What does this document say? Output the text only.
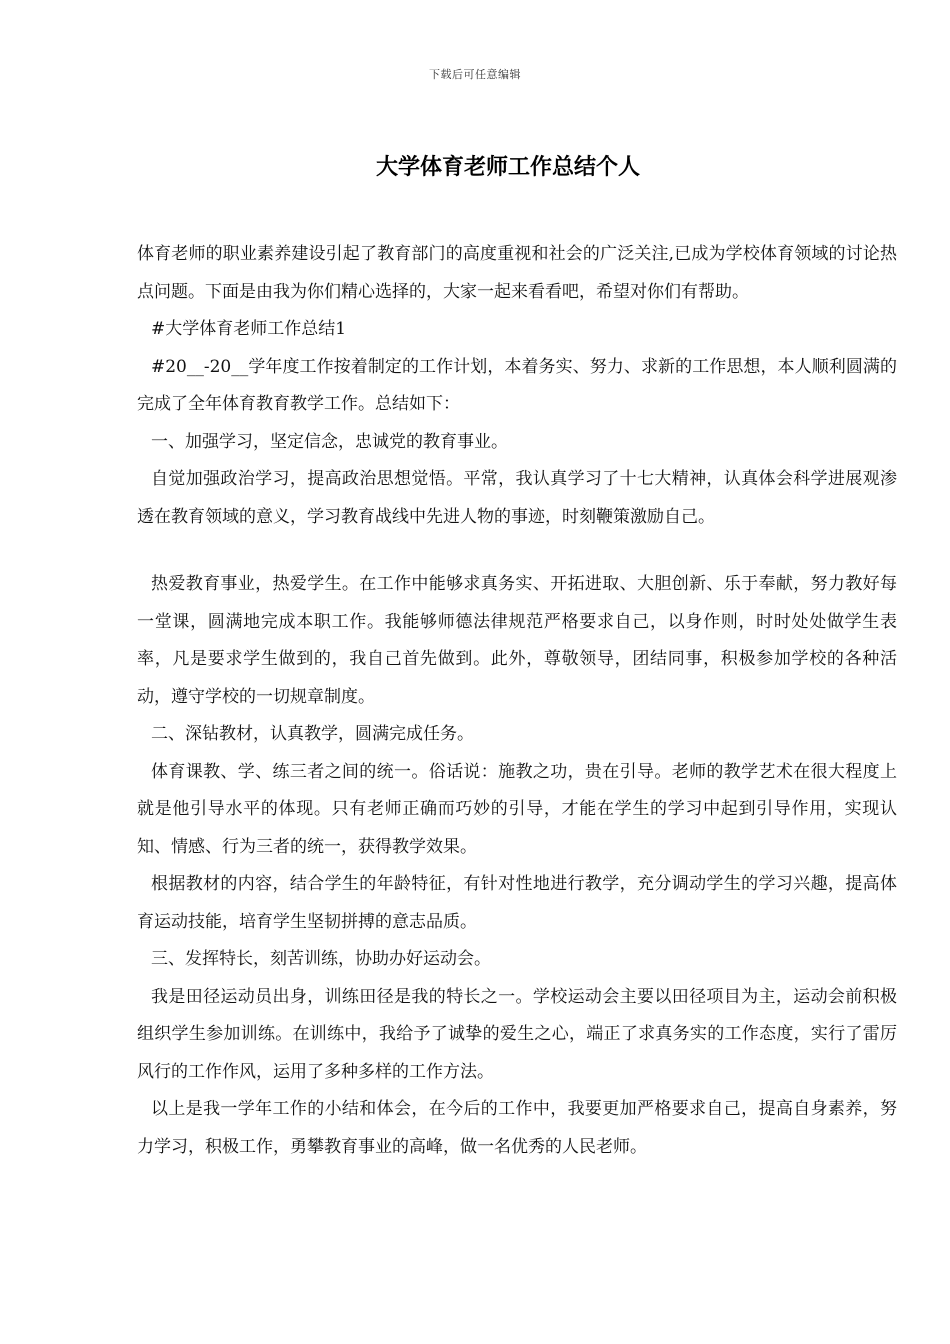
下载后可任意编辑
大学体育老师工作总结个人

体育老师的职业素养建设引起了教育部门的高度重视和社会的广泛关注,已成为学校体育领域的讨论热点问题。下面是由我为你们精心选择的，大家一起来看看吧，希望对你们有帮助。

#大学体育老师工作总结1

#20__-20__学年度工作按着制定的工作计划，本着务实、努力、求新的工作思想，本人顺利圆满的完成了全年体育教育教学工作。总结如下：

一、加强学习，坚定信念，忠诚党的教育事业。

自觉加强政治学习，提高政治思想觉悟。平常，我认真学习了十七大精神，认真体会科学进展观渗透在教育领域的意义，学习教育战线中先进人物的事迹，时刻鞭策激励自己。

热爱教育事业，热爱学生。在工作中能够求真务实、开拓进取、大胆创新、乐于奉献，努力教好每一堂课，圆满地完成本职工作。我能够师德法律规范严格要求自己，以身作则，时时处处做学生表率，凡是要求学生做到的，我自己首先做到。此外，尊敬领导，团结同事，积极参加学校的各种活动，遵守学校的一切规章制度。

二、深钻教材，认真教学，圆满完成任务。

体育课教、学、练三者之间的统一。俗话说：施教之功，贵在引导。老师的教学艺术在很大程度上就是他引导水平的体现。只有老师正确而巧妙的引导，才能在学生的学习中起到引导作用，实现认知、情感、行为三者的统一，获得教学效果。

根据教材的内容，结合学生的年龄特征，有针对性地进行教学，充分调动学生的学习兴趣，提高体育运动技能，培育学生坚韧拼搏的意志品质。

三、发挥特长，刻苦训练，协助办好运动会。

我是田径运动员出身，训练田径是我的特长之一。学校运动会主要以田径项目为主，运动会前积极组织学生参加训练。在训练中，我给予了诚挚的爱生之心，端正了求真务实的工作态度，实行了雷厉风行的工作作风，运用了多种多样的工作方法。

以上是我一学年工作的小结和体会，在今后的工作中，我要更加严格要求自己，提高自身素养，努力学习，积极工作，勇攀教育事业的高峰，做一名优秀的人民老师。
